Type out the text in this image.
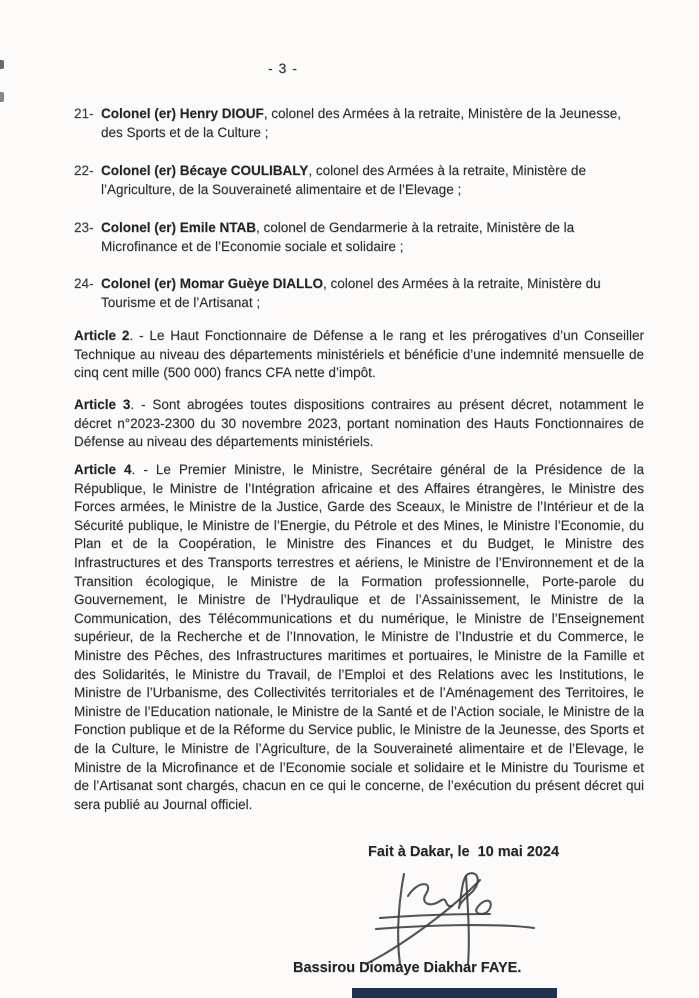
- 3 -
21- Colonel (er) Henry DIOUF, colonel des Armées à la retraite, Ministère de la Jeunesse, des Sports et de la Culture ;
22- Colonel (er) Bécaye COULIBALY, colonel des Armées à la retraite, Ministère de l’Agriculture, de la Souveraineté alimentaire et de l’Elevage ;
23- Colonel (er) Emile NTAB, colonel de Gendarmerie à la retraite, Ministère de la Microfinance et de l’Economie sociale et solidaire ;
24- Colonel (er) Momar Guèye DIALLO, colonel des Armées à la retraite, Ministère du Tourisme et de l’Artisanat ;
Article 2. - Le Haut Fonctionnaire de Défense a le rang et les prérogatives d’un Conseiller Technique au niveau des départements ministériels et bénéficie d’une indemnité mensuelle de cinq cent mille (500 000) francs CFA nette d’impôt.
Article 3. - Sont abrogées toutes dispositions contraires au présent décret, notamment le décret n°2023-2300 du 30 novembre 2023, portant nomination des Hauts Fonctionnaires de Défense au niveau des départements ministériels.
Article 4. - Le Premier Ministre, le Ministre, Secrétaire général de la Présidence de la République, le Ministre de l’Intégration africaine et des Affaires étrangères, le Ministre des Forces armées, le Ministre de la Justice, Garde des Sceaux, le Ministre de l’Intérieur et de la Sécurité publique, le Ministre de l’Energie, du Pétrole et des Mines, le Ministre l’Economie, du Plan et de la Coopération, le Ministre des Finances et du Budget, le Ministre des Infrastructures et des Transports terrestres et aériens, le Ministre de l’Environnement et de la Transition écologique, le Ministre de la Formation professionnelle, Porte-parole du Gouvernement, le Ministre de l’Hydraulique et de l’Assainissement, le Ministre de la Communication, des Télécommunications et du numérique, le Ministre de l’Enseignement supérieur, de la Recherche et de l’Innovation, le Ministre de l’Industrie et du Commerce, le Ministre des Pêches, des Infrastructures maritimes et portuaires, le Ministre de la Famille et des Solidarités, le Ministre du Travail, de l’Emploi et des Relations avec les Institutions, le Ministre de l’Urbanisme, des Collectivités territoriales et de l’Aménagement des Territoires, le Ministre de l’Education nationale, le Ministre de la Santé et de l’Action sociale, le Ministre de la Fonction publique et de la Réforme du Service public, le Ministre de la Jeunesse, des Sports et de la Culture, le Ministre de l’Agriculture, de la Souveraineté alimentaire et de l’Elevage, le Ministre de la Microfinance et de l’Economie sociale et solidaire et le Ministre du Tourisme et de l’Artisanat sont chargés, chacun en ce qui le concerne, de l’exécution du présent décret qui sera publié au Journal officiel.
Fait à Dakar, le  10 mai 2024
Bassirou Diomaye Diakhar FAYE.
